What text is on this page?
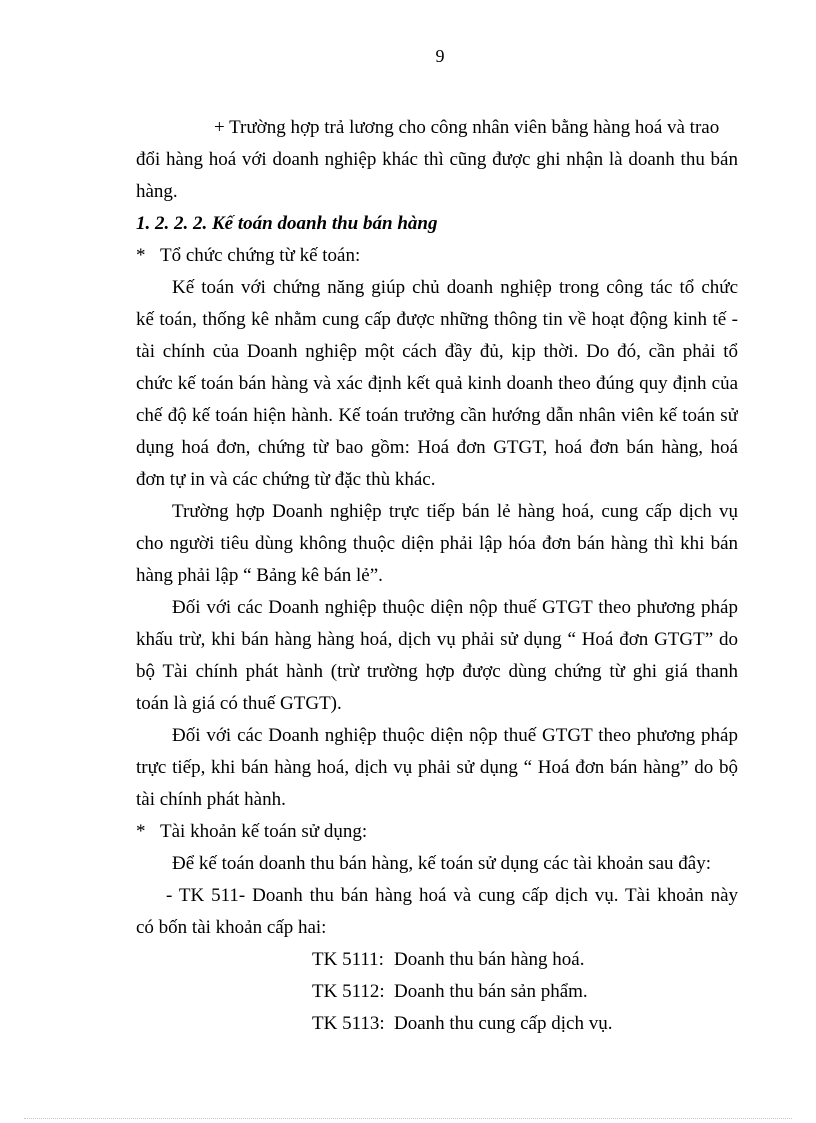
9
+ Trường hợp trả lương cho công nhân viên bằng hàng hoá và trao
đổi hàng hoá với doanh nghiệp khác thì cũng được ghi nhận là doanh thu bán
hàng.
1. 2. 2. 2. Kế toán doanh thu bán hàng
* Tổ chức chứng từ kế toán:
Kế toán với chứng năng giúp chủ doanh nghiệp trong công tác tổ chức
kế toán, thống kê nhằm cung cấp được những thông tin về hoạt động kinh tế -
tài chính của Doanh nghiệp một cách đầy đủ, kịp thời. Do đó, cần phải tổ
chức kế toán bán hàng và xác định kết quả kinh doanh theo đúng quy định của
chế độ kế toán hiện hành. Kế toán trưởng cần hướng dẫn nhân viên kế toán sử
dụng hoá đơn, chứng từ bao gồm: Hoá đơn GTGT, hoá đơn bán hàng, hoá
đơn tự in và các chứng từ đặc thù khác.
Trường hợp Doanh nghiệp trực tiếp bán lẻ hàng hoá, cung cấp dịch vụ
cho người tiêu dùng không thuộc diện phải lập hóa đơn bán hàng thì khi bán
hàng phải lập “ Bảng kê bán lẻ”.
Đối với các Doanh nghiệp thuộc diện nộp thuế GTGT theo phương pháp
khấu trừ, khi bán hàng hàng hoá, dịch vụ phải sử dụng “ Hoá đơn GTGT” do
bộ Tài chính phát hành (trừ trường hợp được dùng chứng từ ghi giá thanh
toán là giá có thuế GTGT).
Đối với các Doanh nghiệp thuộc diện nộp thuế GTGT theo phương pháp
trực tiếp, khi bán hàng hoá, dịch vụ phải sử dụng “ Hoá đơn bán hàng” do bộ
tài chính phát hành.
* Tài khoản kế toán sử dụng:
Để kế toán doanh thu bán hàng, kế toán sử dụng các tài khoản sau đây:
- TK 511- Doanh thu bán hàng hoá và cung cấp dịch vụ. Tài khoản này
có bốn tài khoản cấp hai:
TK 5111: Doanh thu bán hàng hoá.
TK 5112: Doanh thu bán sản phẩm.
TK 5113: Doanh thu cung cấp dịch vụ.
